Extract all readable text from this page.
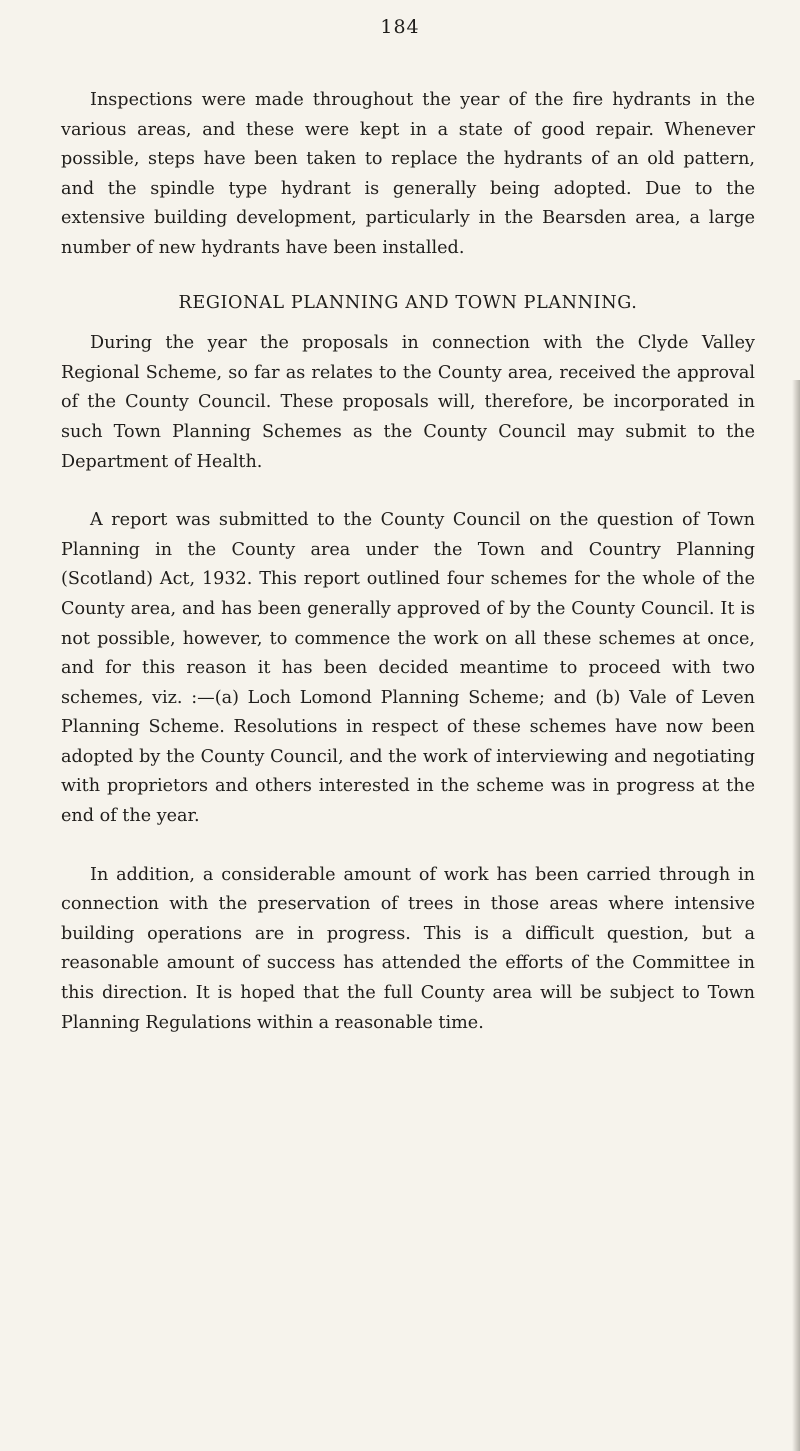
184

Inspections were made throughout the year of the fire hydrants in the various areas, and these were kept in a state of good repair. Whenever possible, steps have been taken to replace the hydrants of an old pattern, and the spindle type hydrant is generally being adopted. Due to the extensive building development, particularly in the Bearsden area, a large number of new hydrants have been installed.

REGIONAL PLANNING AND TOWN PLANNING.

During the year the proposals in connection with the Clyde Valley Regional Scheme, so far as relates to the County area, received the approval of the County Council. These proposals will, therefore, be incorporated in such Town Planning Schemes as the County Council may submit to the Department of Health.

A report was submitted to the County Council on the question of Town Planning in the County area under the Town and Country Planning (Scotland) Act, 1932. This report outlined four schemes for the whole of the County area, and has been generally approved of by the County Council. It is not possible, however, to commence the work on all these schemes at once, and for this reason it has been decided meantime to proceed with two schemes, viz. :—(a) Loch Lomond Planning Scheme; and (b) Vale of Leven Planning Scheme. Resolutions in respect of these schemes have now been adopted by the County Council, and the work of interviewing and negotiating with proprietors and others interested in the scheme was in progress at the end of the year.

In addition, a considerable amount of work has been carried through in connection with the preservation of trees in those areas where intensive building operations are in progress. This is a difficult question, but a reasonable amount of success has attended the efforts of the Committee in this direction. It is hoped that the full County area will be subject to Town Planning Regulations within a reasonable time.
